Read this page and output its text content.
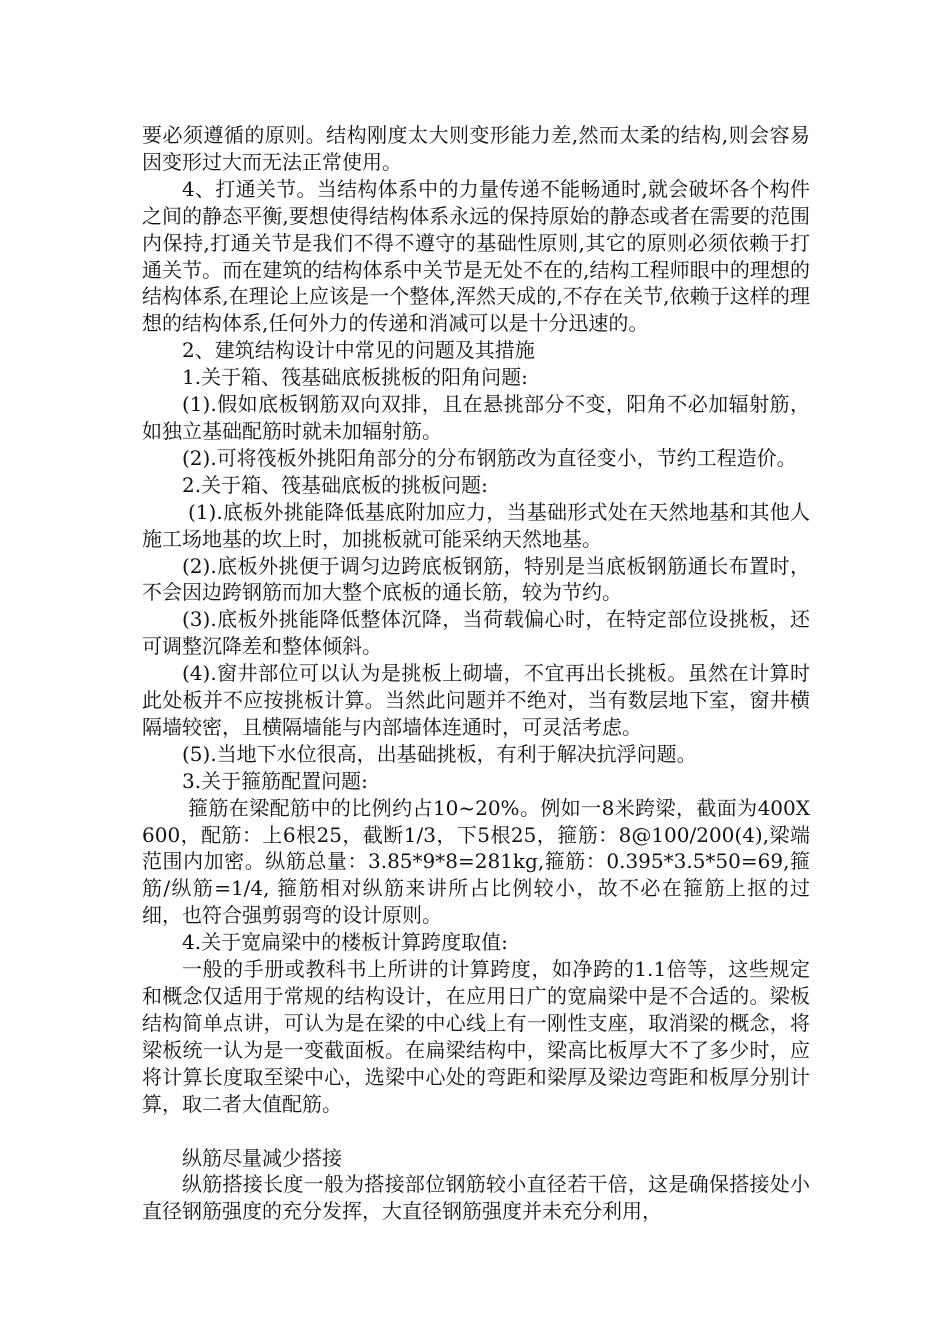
要必须遵循的原则。结构刚度太大则变形能力差,然而太柔的结构,则会容易因变形过大而无法正常使用。

4、打通关节。当结构体系中的力量传递不能畅通时,就会破坏各个构件之间的静态平衡,要想使得结构体系永远的保持原始的静态或者在需要的范围内保持,打通关节是我们不得不遵守的基础性原则,其它的原则必须依赖于打通关节。而在建筑的结构体系中关节是无处不在的,结构工程师眼中的理想的结构体系,在理论上应该是一个整体,浑然天成的,不存在关节,依赖于这样的理想的结构体系,任何外力的传递和消减可以是十分迅速的。

2、建筑结构设计中常见的问题及其措施

1.关于箱、筏基础底板挑板的阳角问题:

(1).假如底板钢筋双向双排，且在悬挑部分不变，阳角不必加辐射筋，如独立基础配筋时就未加辐射筋。

(2).可将筏板外挑阳角部分的分布钢筋改为直径变小，节约工程造价。

2.关于箱、筏基础底板的挑板问题:

(1).底板外挑能降低基底附加应力，当基础形式处在天然地基和其他人施工场地基的坎上时，加挑板就可能采纳天然地基。

(2).底板外挑便于调匀边跨底板钢筋，特别是当底板钢筋通长布置时，不会因边跨钢筋而加大整个底板的通长筋，较为节约。

(3).底板外挑能降低整体沉降，当荷载偏心时，在特定部位设挑板，还可调整沉降差和整体倾斜。

(4).窗井部位可以认为是挑板上砌墙，不宜再出长挑板。虽然在计算时此处板并不应按挑板计算。当然此问题并不绝对，当有数层地下室，窗井横隔墙较密，且横隔墙能与内部墙体连通时，可灵活考虑。

(5).当地下水位很高，出基础挑板，有利于解决抗浮问题。

3.关于箍筋配置问题:

箍筋在梁配筋中的比例约占10~20%。例如一8米跨梁，截面为400X600，配筋：上6根25，截断1/3，下5根25，箍筋：8@100/200(4),梁端范围内加密。纵筋总量：3.85*9*8=281kg,箍筋：0.395*3.5*50=69,箍筋/纵筋=1/4, 箍筋相对纵筋来讲所占比例较小，故不必在箍筋上抠的过细，也符合强剪弱弯的设计原则。

4.关于宽扁梁中的楼板计算跨度取值:

一般的手册或教科书上所讲的计算跨度，如净跨的1.1倍等，这些规定和概念仅适用于常规的结构设计，在应用日广的宽扁梁中是不合适的。梁板结构简单点讲，可认为是在梁的中心线上有一刚性支座，取消梁的概念，将梁板统一认为是一变截面板。在扁梁结构中，梁高比板厚大不了多少时，应将计算长度取至梁中心，选梁中心处的弯距和梁厚及梁边弯距和板厚分别计算，取二者大值配筋。

纵筋尽量减少搭接

纵筋搭接长度一般为搭接部位钢筋较小直径若干倍，这是确保搭接处小直径钢筋强度的充分发挥，大直径钢筋强度并未充分利用，
